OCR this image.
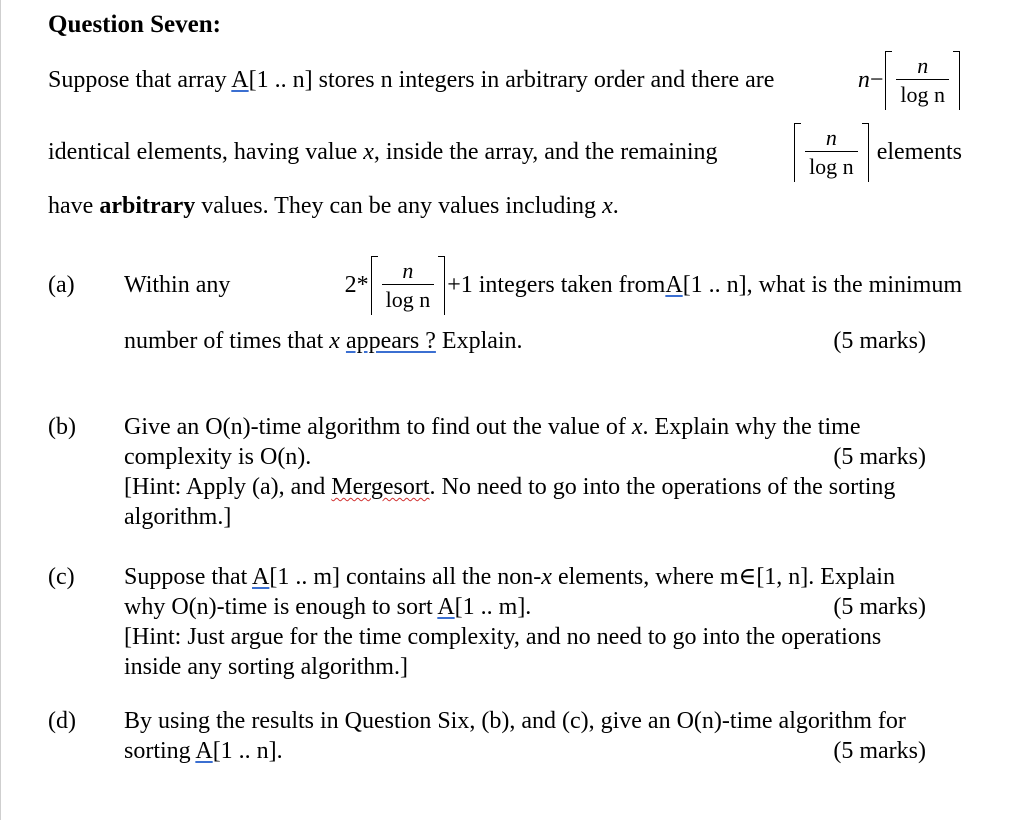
Question Seven:
Suppose that array A[1 .. n] stores n integers in arbitrary order and there are	$n - \frac{n}{\text{log n}}$
identical elements, having value x, inside the array, and the remaining	$\frac{n}{\text{log n}}$
elements
have arbitrary values. They can be any values including x.
(a) Within any	$2* \frac{n}{\text{log n}} +1$ integers taken from A [1 .. n], what is the minimum
number of times that x appears ? Explain.	(5 marks)
(b) Give an O(n)-time algorithm to find out the value of x. Explain why the time
complexity is O(n).	(5 marks)
[Hint: Apply (a), and Mergesort. No need to go into the operations of the sorting
algorithm.]
(c) Suppose that A[1 .. m] contains all the non-x elements, where m∈[1, n]. Explain
why O(n)-time is enough to sort A[1 .. m].	(5 marks)
[Hint: Just argue for the time complexity, and no need to go into the operations
inside any sorting algorithm.]
(d) By using the results in Question Six, (b), and (c), give an O(n)-time algorithm for
sorting A[1 .. n].	(5 marks)
